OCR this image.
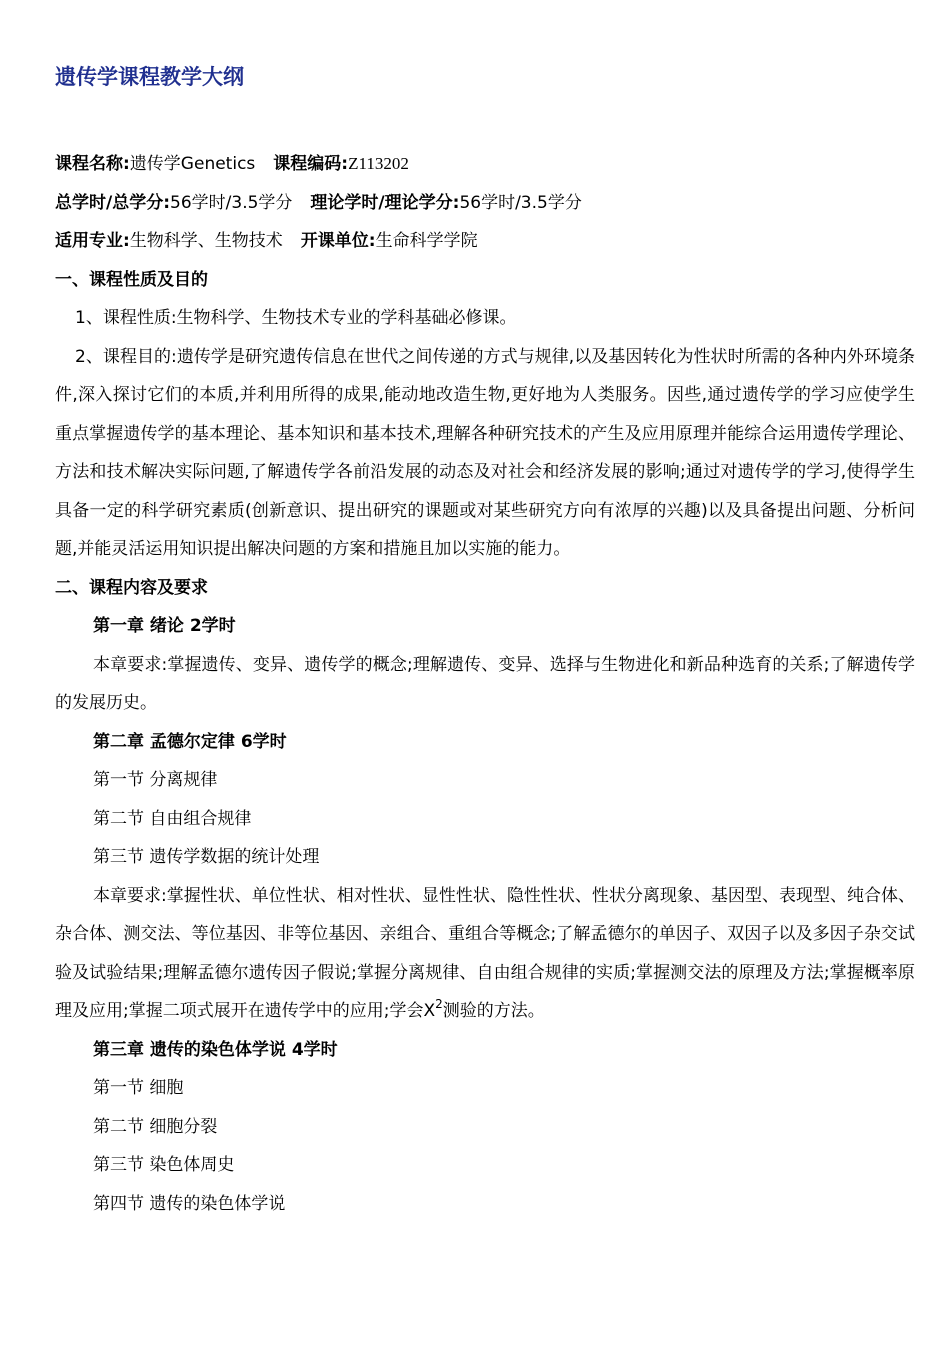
遗传学课程教学大纲

课程名称:遗传学Genetics 课程编码:Z113202

总学时/总学分:56学时/3.5学分 理论学时/理论学分:56学时/3.5学分

适用专业:生物科学、生物技术 开课单位:生命科学学院

一、课程性质及目的

1、课程性质:生物科学、生物技术专业的学科基础必修课。

2、课程目的:遗传学是研究遗传信息在世代之间传递的方式与规律,以及基因转化为性状时所需的各种内外环境条件,深入探讨它们的本质,并利用所得的成果,能动地改造生物,更好地为人类服务。因些,通过遗传学的学习应使学生重点掌握遗传学的基本理论、基本知识和基本技术,理解各种研究技术的产生及应用原理并能综合运用遗传学理论、方法和技术解决实际问题,了解遗传学各前沿发展的动态及对社会和经济发展的影响;通过对遗传学的学习,使得学生具备一定的科学研究素质(创新意识、提出研究的课题或对某些研究方向有浓厚的兴趣)以及具备提出问题、分析问题,并能灵活运用知识提出解决问题的方案和措施且加以实施的能力。

二、课程内容及要求

第一章 绪论 2学时

本章要求:掌握遗传、变异、遗传学的概念;理解遗传、变异、选择与生物进化和新品种选育的关系;了解遗传学的发展历史。

第二章 孟德尔定律 6学时

第一节 分离规律

第二节 自由组合规律

第三节 遗传学数据的统计处理

本章要求:掌握性状、单位性状、相对性状、显性性状、隐性性状、性状分离现象、基因型、表现型、纯合体、杂合体、测交法、等位基因、非等位基因、亲组合、重组合等概念;了解孟德尔的单因子、双因子以及多因子杂交试验及试验结果;理解孟德尔遗传因子假说;掌握分离规律、自由组合规律的实质;掌握测交法的原理及方法;掌握概率原理及应用;掌握二项式展开在遗传学中的应用;学会$X^2$测验的方法。

第三章 遗传的染色体学说 4学时

第一节 细胞

第二节 细胞分裂

第三节 染色体周史

第四节 遗传的染色体学说
